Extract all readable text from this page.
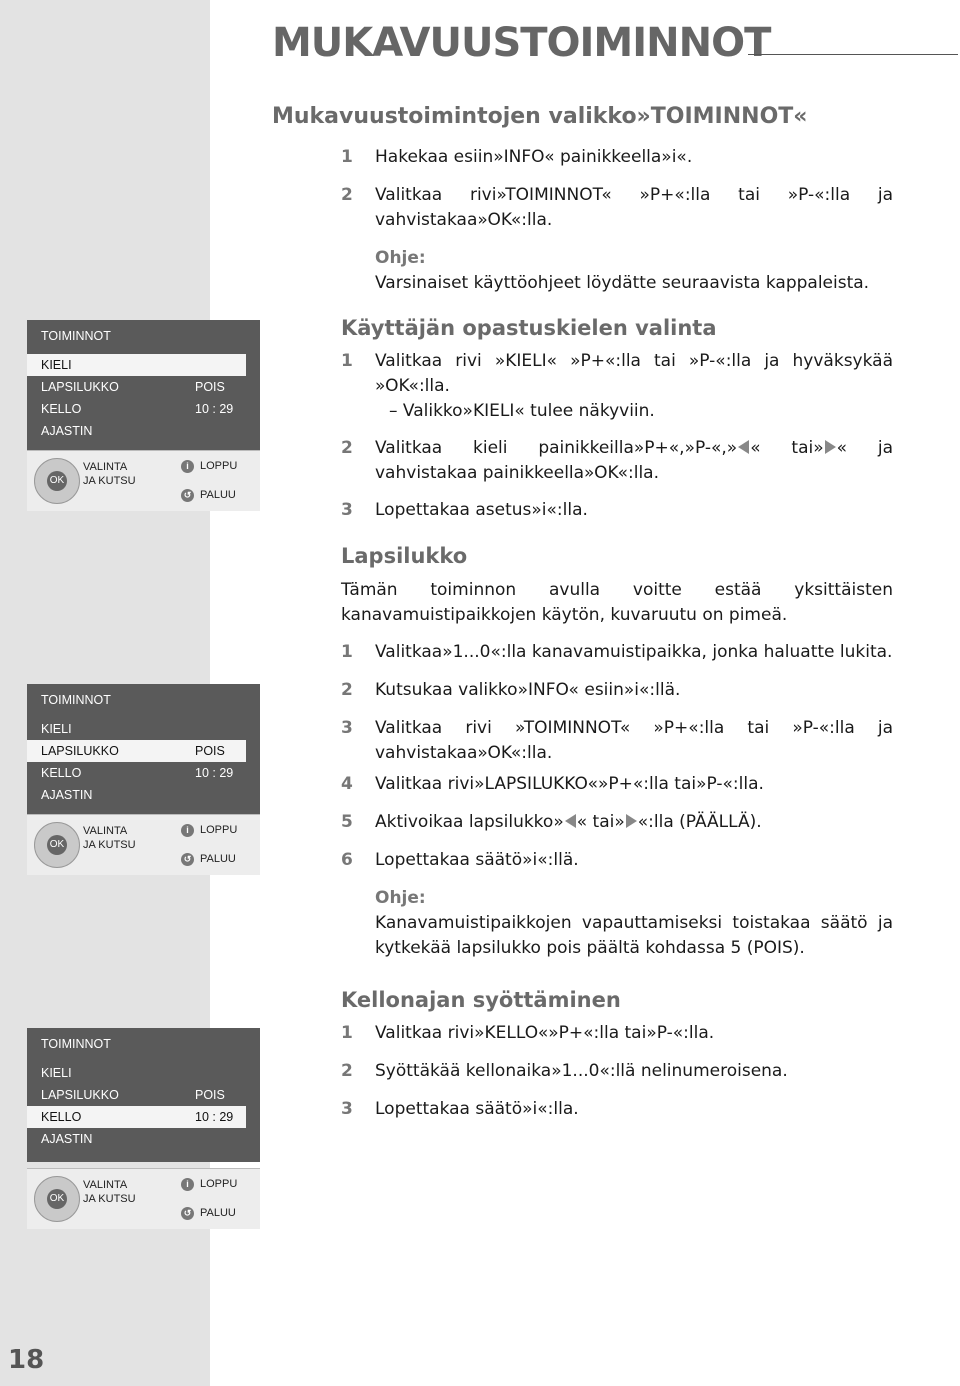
18
MUKAVUUSTOIMINNOT
Mukavuustoimintojen valikko»TOIMINNOT«
1 Hakekaa esiin»INFO« painikkeella»i«.
2 Valitkaa rivi»TOIMINNOT« »P+«:lla tai »P-«:lla ja vahvistakaa»OK«:lla.
Ohje:
Varsinaiset käyttöohjeet löydätte seuraavista kappaleista.
Käyttäjän opastuskielen valinta
1 Valitkaa rivi »KIELI« »P+«:lla tai »P-«:lla ja hyväksykää »OK«:lla.
– Valikko»KIELI« tulee näkyviin.
2 Valitkaa kieli painikkeilla»P+«,»P-«,» « tai» « ja vahvistakaa painikkeella»OK«:lla.
3 Lopettakaa asetus»i«:lla.
Lapsilukko
Tämän toiminnon avulla voitte estää yksittäisten kanavamuistipaikkojen käytön, kuvaruutu on pimeä.
1 Valitkaa»1...0«:lla kanavamuistipaikka, jonka haluatte lukita.
2 Kutsukaa valikko»INFO« esiin»i«:llä.
3 Valitkaa rivi »TOIMINNOT« »P+«:lla tai »P-«:lla ja vahvistakaa»OK«:lla.
4 Valitkaa rivi»LAPSILUKKO«»P+«:lla tai»P-«:lla.
5 Aktivoikaa lapsilukko» « tai» «:lla (PÄÄLLÄ).
6 Lopettakaa säätö»i«:llä.
Ohje:
Kanavamuistipaikkojen vapauttamiseksi toistakaa säätö ja kytkekää lapsilukko pois päältä kohdassa 5 (POIS).
Kellonajan syöttäminen
1 Valitkaa rivi»KELLO«»P+«:lla tai»P-«:lla.
2 Syöttäkää kellonaika»1...0«:llä nelinumeroisena.
3 Lopettakaa säätö»i«:lla.
TOIMINNOT
KIELI
LAPSILUKKO	POIS
KELLO	10 : 29
AJASTIN
OK
VALINTA
JA KUTSU
i	LOPPU
↺ PALUU
TOIMINNOT
KIELI
LAPSILUKKO	POIS
KELLO	10 : 29
AJASTIN
OK
VALINTA
JA KUTSU
i	LOPPU
↺ PALUU
TOIMINNOT
KIELI
LAPSILUKKO	POIS
KELLO	10 : 29
AJASTIN
OK
VALINTA
JA KUTSU
i	LOPPU
↺ PALUU
